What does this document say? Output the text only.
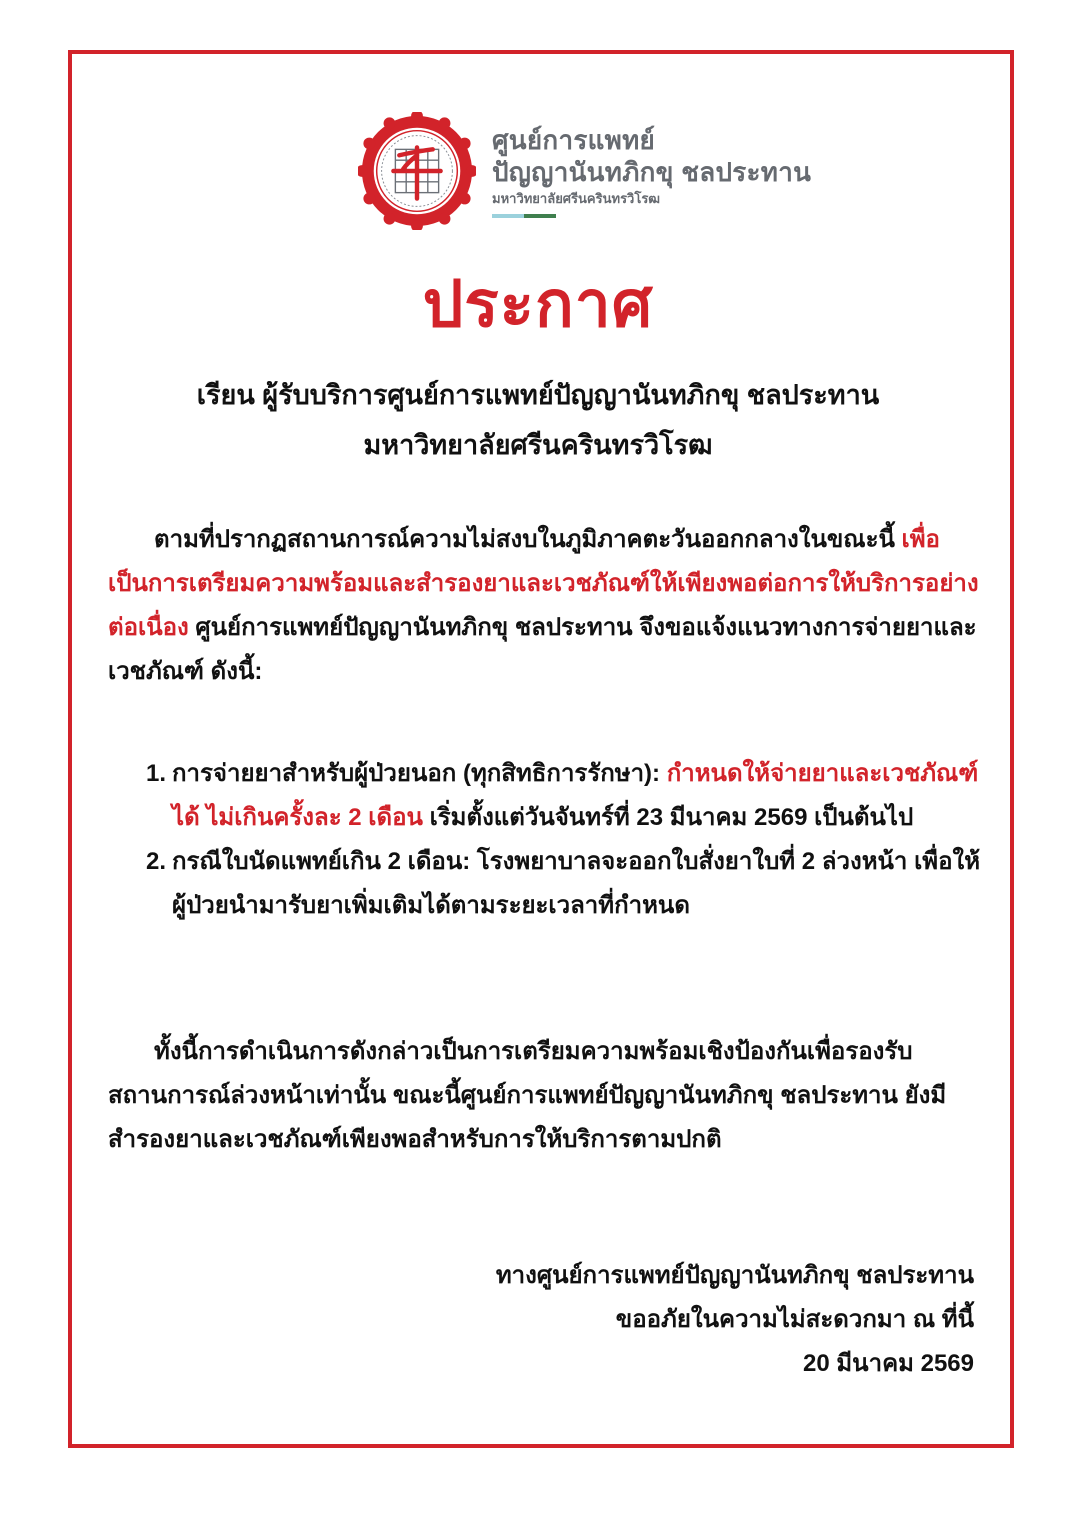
ศูนย์การแพทย์
ปัญญานันทภิกขุ ชลประทาน
มหาวิทยาลัยศรีนครินทรวิโรฒ
ประกาศ
เรียน ผู้รับบริการศูนย์การแพทย์ปัญญานันทภิกขุ ชลประทาน
มหาวิทยาลัยศรีนครินทรวิโรฒ

ตามที่ปรากฏสถานการณ์ความไม่สงบในภูมิภาคตะวันออกกลางในขณะนี้ เพื่อเป็นการเตรียมความพร้อมและสำรองยาและเวชภัณฑ์ให้เพียงพอต่อการให้บริการอย่างต่อเนื่อง ศูนย์การแพทย์ปัญญานันทภิกขุ ชลประทาน จึงขอแจ้งแนวทางการจ่ายยาและเวชภัณฑ์ ดังนี้:

1. การจ่ายยาสำหรับผู้ป่วยนอก (ทุกสิทธิการรักษา): กำหนดให้จ่ายยาและเวชภัณฑ์ได้ ไม่เกินครั้งละ 2 เดือน เริ่มตั้งแต่วันจันทร์ที่ 23 มีนาคม 2569 เป็นต้นไป
2. กรณีใบนัดแพทย์เกิน 2 เดือน: โรงพยาบาลจะออกใบสั่งยาใบที่ 2 ล่วงหน้า เพื่อให้ผู้ป่วยนำมารับยาเพิ่มเติมได้ตามระยะเวลาที่กำหนด

ทั้งนี้การดำเนินการดังกล่าวเป็นการเตรียมความพร้อมเชิงป้องกันเพื่อรองรับสถานการณ์ล่วงหน้าเท่านั้น ขณะนี้ศูนย์การแพทย์ปัญญานันทภิกขุ ชลประทาน ยังมีสำรองยาและเวชภัณฑ์เพียงพอสำหรับการให้บริการตามปกติ

ทางศูนย์การแพทย์ปัญญานันทภิกขุ ชลประทาน
ขออภัยในความไม่สะดวกมา ณ ที่นี้
20 มีนาคม 2569
